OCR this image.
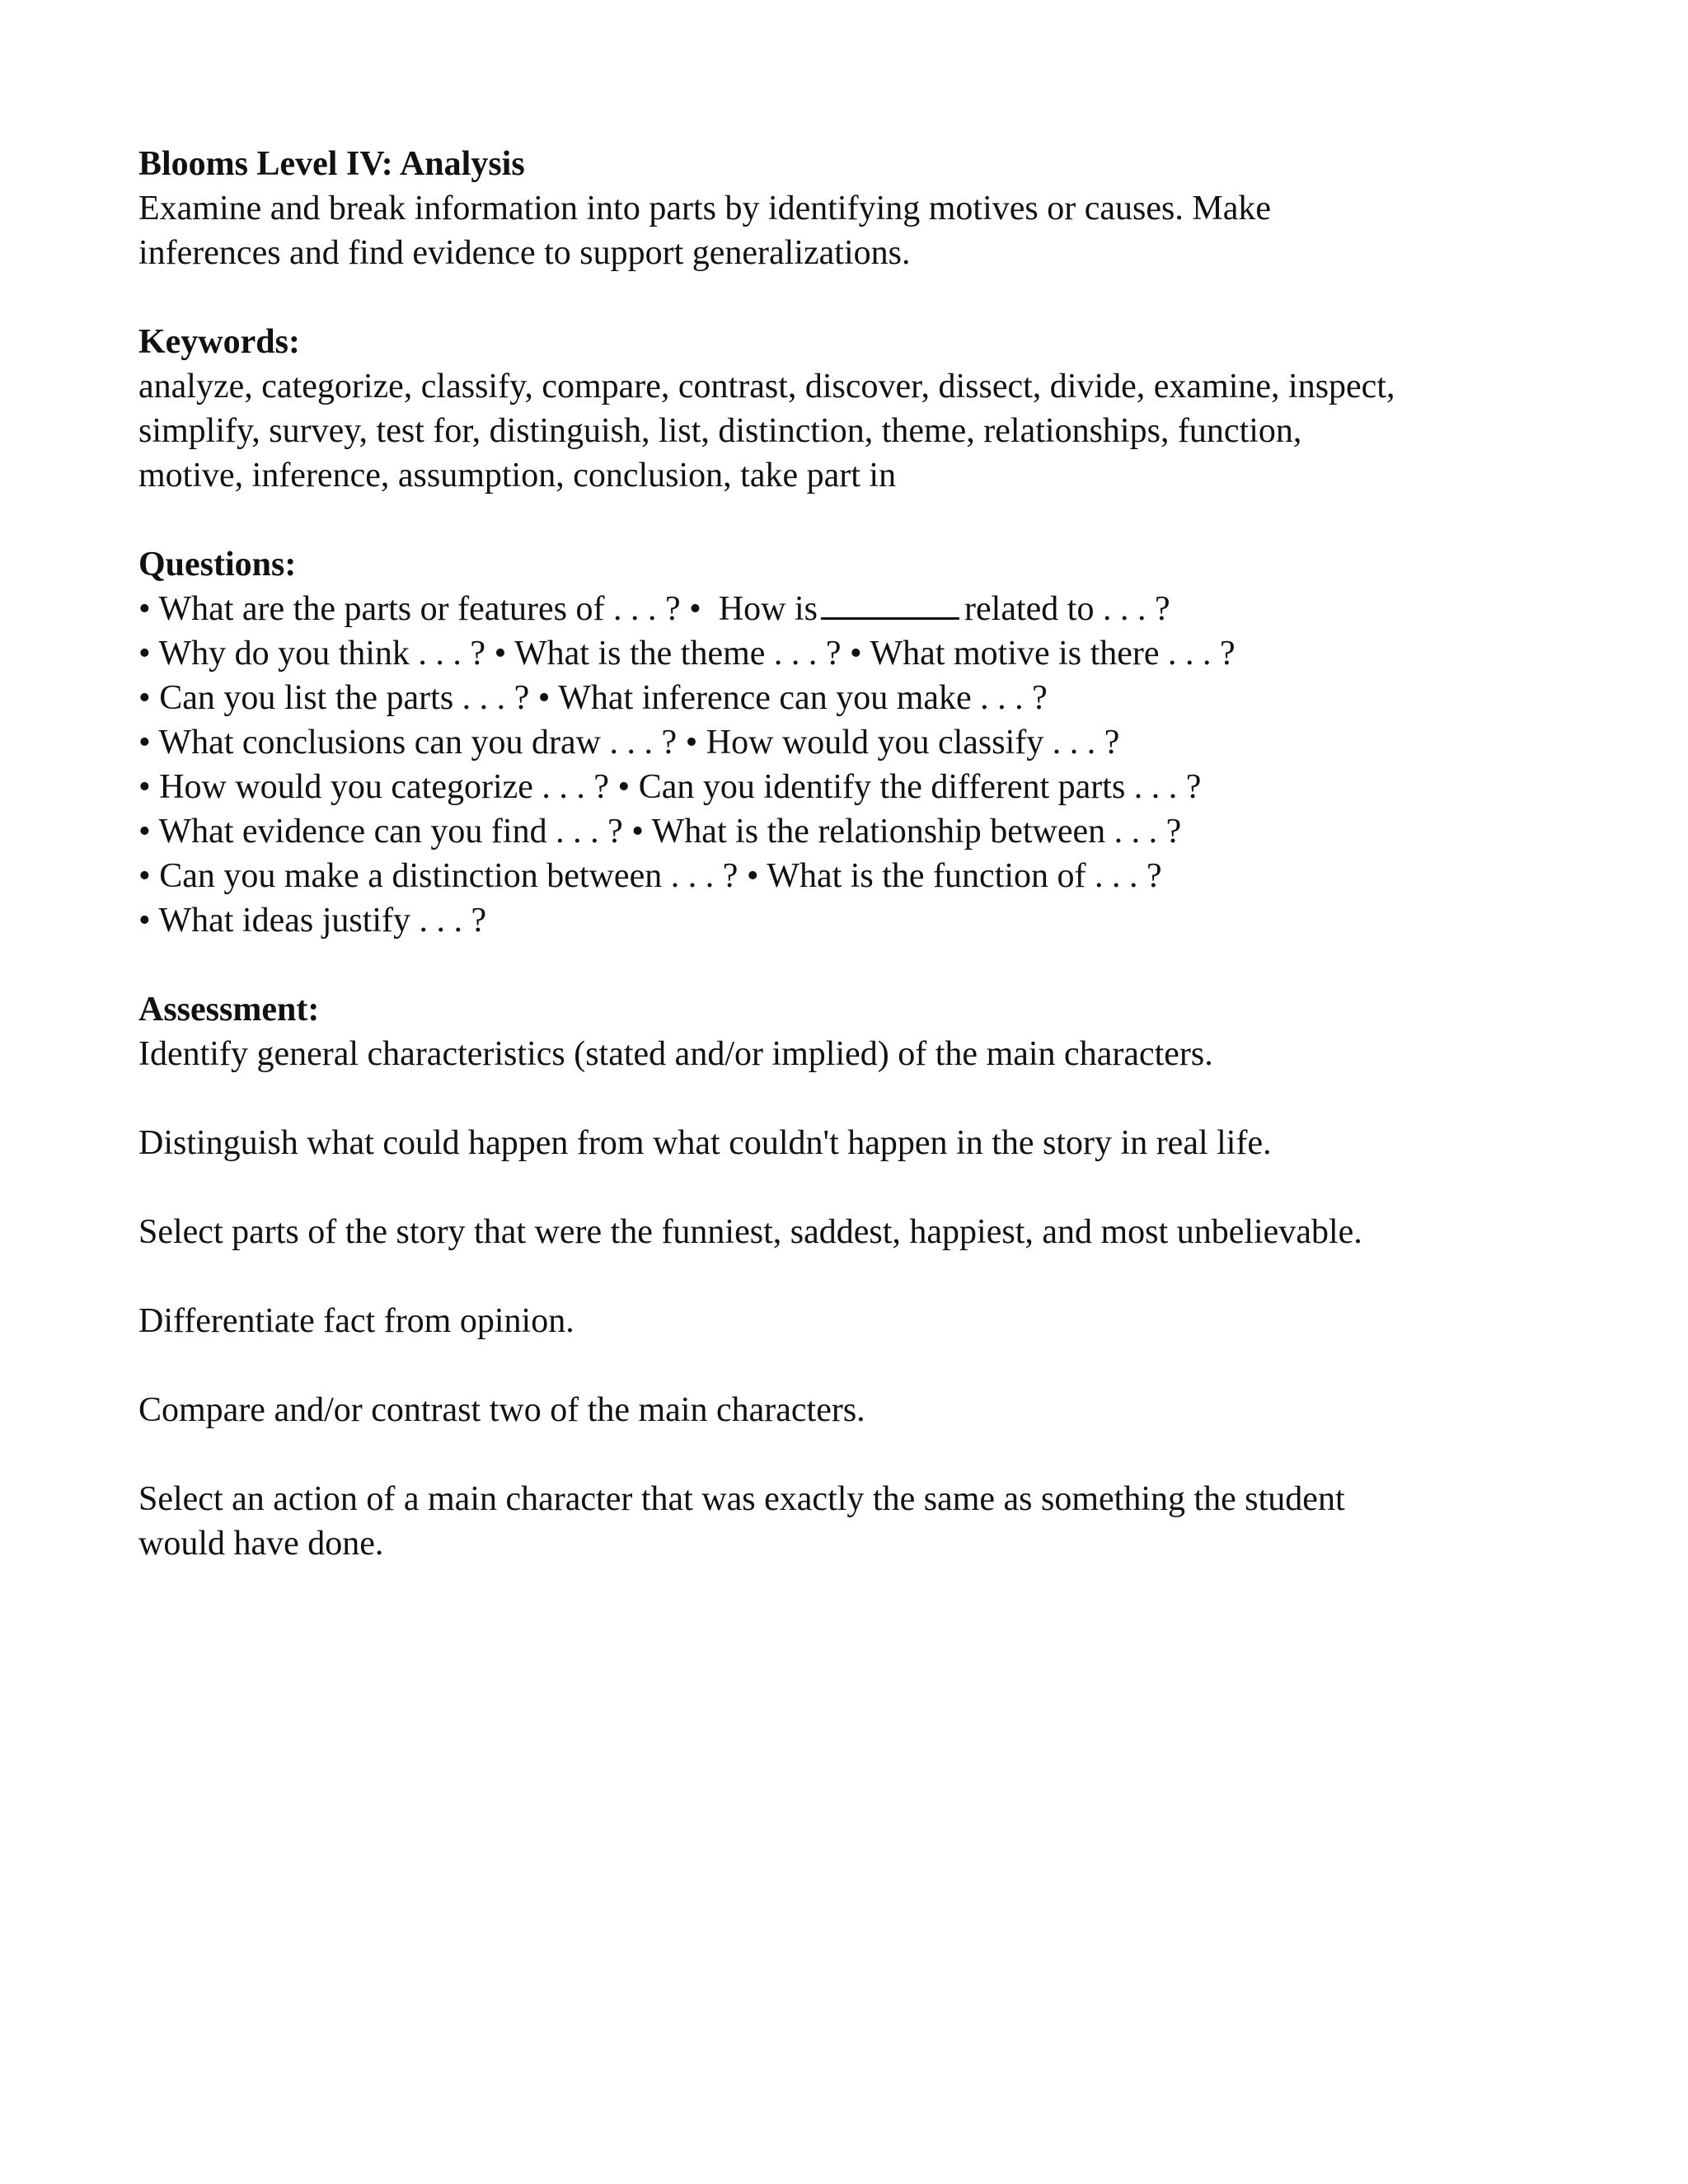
Blooms Level IV: Analysis
Examine and break information into parts by identifying motives or causes. Make
inferences and find evidence to support generalizations.
Keywords:
analyze, categorize, classify, compare, contrast, discover, dissect, divide, examine, inspect,
simplify, survey, test for, distinguish, list, distinction, theme, relationships, function,
motive, inference, assumption, conclusion, take part in
Questions:
• What are the parts or features of . . . ? •  How is	related to . . . ?
• Why do you think . . . ? • What is the theme . . . ? • What motive is there . . . ?
• Can you list the parts . . . ? • What inference can you make . . . ?
• What conclusions can you draw . . . ? • How would you classify . . . ?
• How would you categorize . . . ? • Can you identify the different parts . . . ?
• What evidence can you find . . . ? • What is the relationship between . . . ?
• Can you make a distinction between . . . ? • What is the function of . . . ?
• What ideas justify . . . ?
Assessment:
Identify general characteristics (stated and/or implied) of the main characters.
Distinguish what could happen from what couldn't happen in the story in real life.
Select parts of the story that were the funniest, saddest, happiest, and most unbelievable.
Differentiate fact from opinion.
Compare and/or contrast two of the main characters.
Select an action of a main character that was exactly the same as something the student
would have done.
